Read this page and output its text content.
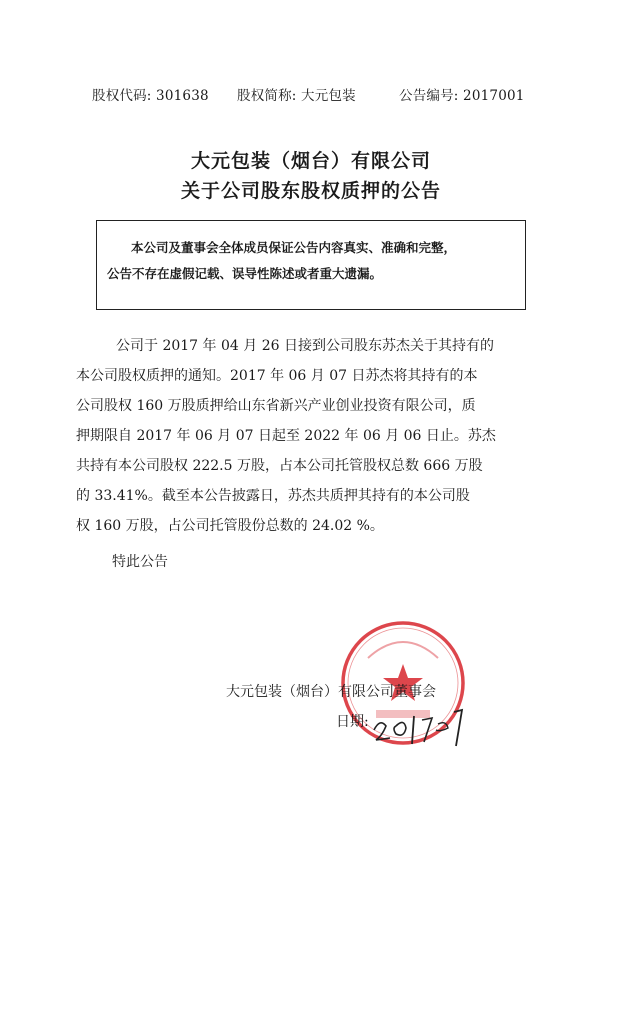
股权代码: 301638 股权简称: 大元包装	公告编号: 2017001
大元包装（烟台）有限公司
关于公司股东股权质押的公告
本公司及董事会全体成员保证公告内容真实、准确和完整，
公告不存在虚假记载、误导性陈述或者重大遗漏。
公司于 2017 年 04 月 26 日接到公司股东苏杰关于其持有的
本公司股权质押的通知。2017 年 06 月 07 日苏杰将其持有的本
公司股权 160 万股质押给山东省新兴产业创业投资有限公司，质
押期限自 2017 年 06 月 07 日起至 2022 年 06 月 06 日止。苏杰
共持有本公司股权 222.5 万股，占本公司托管股权总数 666 万股
的 33.41%。截至本公告披露日，苏杰共质押其持有的本公司股
权 160 万股，占公司托管股份总数的 24.02 %。
特此公告
大元包装（烟台）有限公司董事会
日期:
